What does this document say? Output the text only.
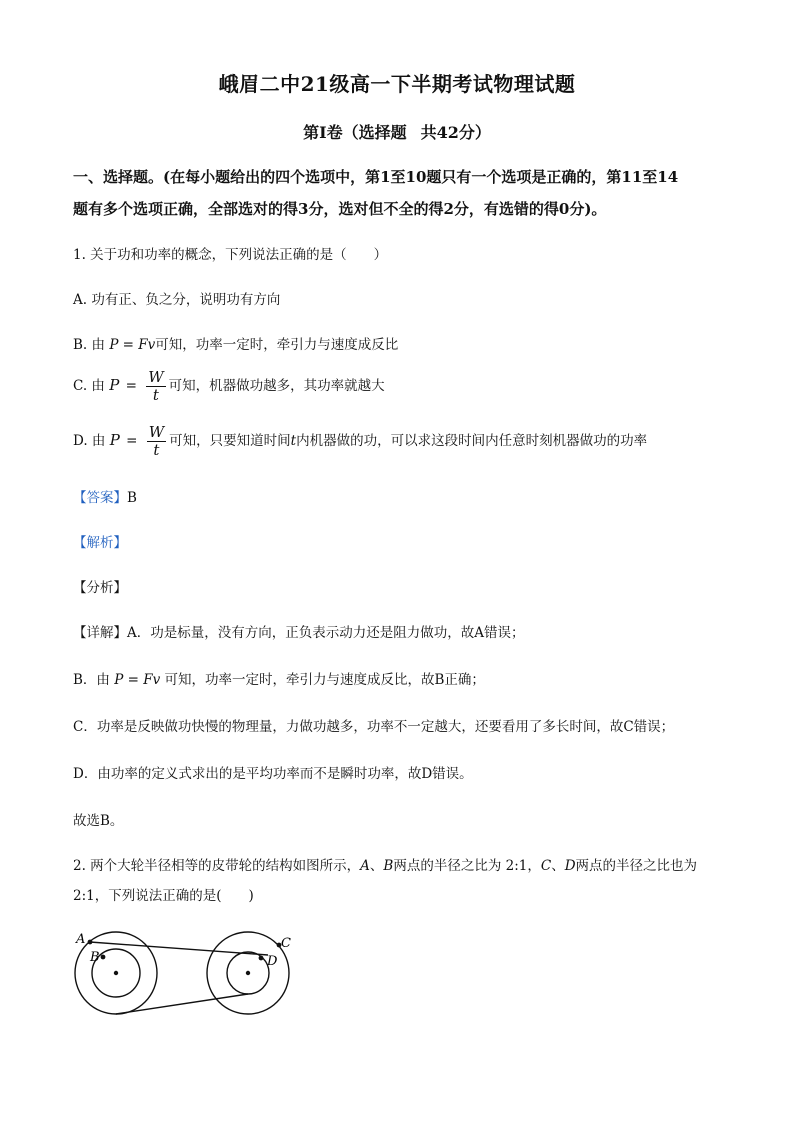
峨眉二中21级高一下半期考试物理试题
第Ⅰ卷（选择题 共42分）
一、选择题。(在每小题给出的四个选项中，第1至10题只有一个选项是正确的，第11至14
题有多个选项正确，全部选对的得3分，选对但不全的得2分，有选错的得0分)。
1. 关于功和功率的概念，下列说法正确的是（　　）
A. 功有正、负之分，说明功有方向
B. 由 P = Fv可知，功率一定时，牵引力与速度成反比
C. 由 $P = \frac{W}{t}$ 可知，机器做功越多，其功率就越大
D. 由 $P = \frac{W}{t}$ 可知，只要知道时间t内机器做的功，可以求这段时间内任意时刻机器做功的功率
【答案】B
【解析】
【分析】
【详解】A．功是标量，没有方向，正负表示动力还是阻力做功，故A错误；
B．由 P = Fv 可知，功率一定时，牵引力与速度成反比，故B正确；
C．功率是反映做功快慢的物理量，力做功越多，功率不一定越大，还要看用了多长时间，故C错误；
D．由功率的定义式求出的是平均功率而不是瞬时功率，故D错误。
故选B。
2. 两个大轮半径相等的皮带轮的结构如图所示，A、B两点的半径之比为 2:1，C、D两点的半径之比也为
2:1，下列说法正确的是(　　)
A
B
C
D
